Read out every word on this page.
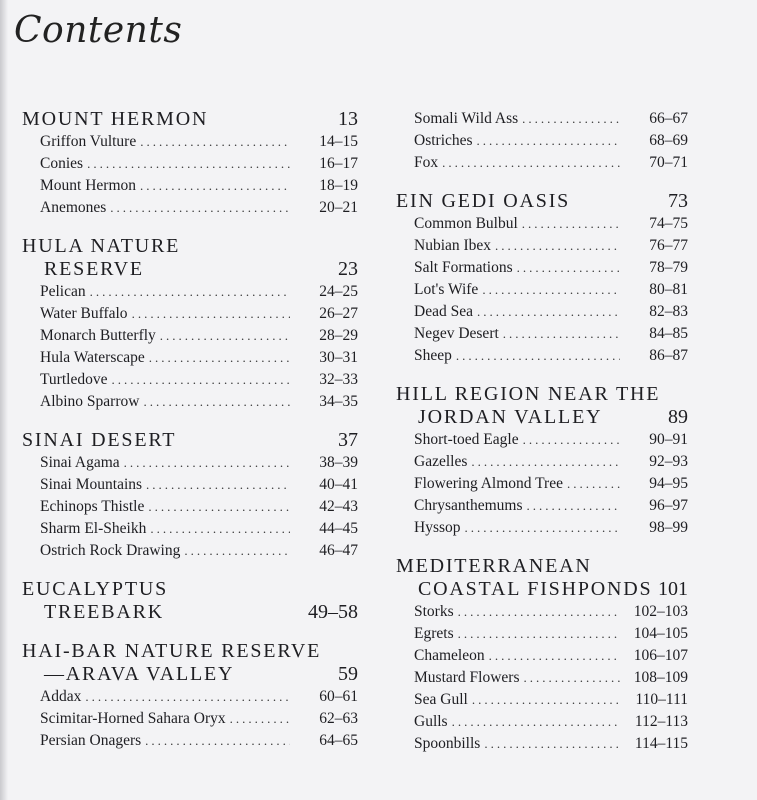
Contents
MOUNT HERMON	13
Griffon Vulture .....	14–15
Conies .....	16–17
Mount Hermon .....	18–19
Anemones .....	20–21
HULA NATURE
RESERVE	23
Pelican .....	24–25
Water Buffalo .....	26–27
Monarch Butterfly .....	28–29
Hula Waterscape .....	30–31
Turtledove .....	32–33
Albino Sparrow .....	34–35
SINAI DESERT	37
Sinai Agama .....	38–39
Sinai Mountains .....	40–41
Echinops Thistle .....	42–43
Sharm El-Sheikh .....	44–45
Ostrich Rock Drawing .....	46–47
EUCALYPTUS
TREEBARK	49–58
HAI-BAR NATURE RESERVE
—ARAVA VALLEY	59
Addax .....	60–61
Scimitar-Horned Sahara Oryx .....	62–63
Persian Onagers .....	64–65
Somali Wild Ass .....	66–67
Ostriches .....	68–69
Fox .....	70–71
EIN GEDI OASIS	73
Common Bulbul .....	74–75
Nubian Ibex .....	76–77
Salt Formations .....	78–79
Lot's Wife .....	80–81
Dead Sea .....	82–83
Negev Desert .....	84–85
Sheep .....	86–87
HILL REGION NEAR THE
JORDAN VALLEY	89
Short-toed Eagle .....	90–91
Gazelles .....	92–93
Flowering Almond Tree .....	94–95
Chrysanthemums .....	96–97
Hyssop .....	98–99
MEDITERRANEAN
COASTAL FISHPONDS 101
Storks .....	102–103
Egrets .....	104–105
Chameleon .....	106–107
Mustard Flowers .....	108–109
Sea Gull .....	110–111
Gulls .....	112–113
Spoonbills .....	114–115
